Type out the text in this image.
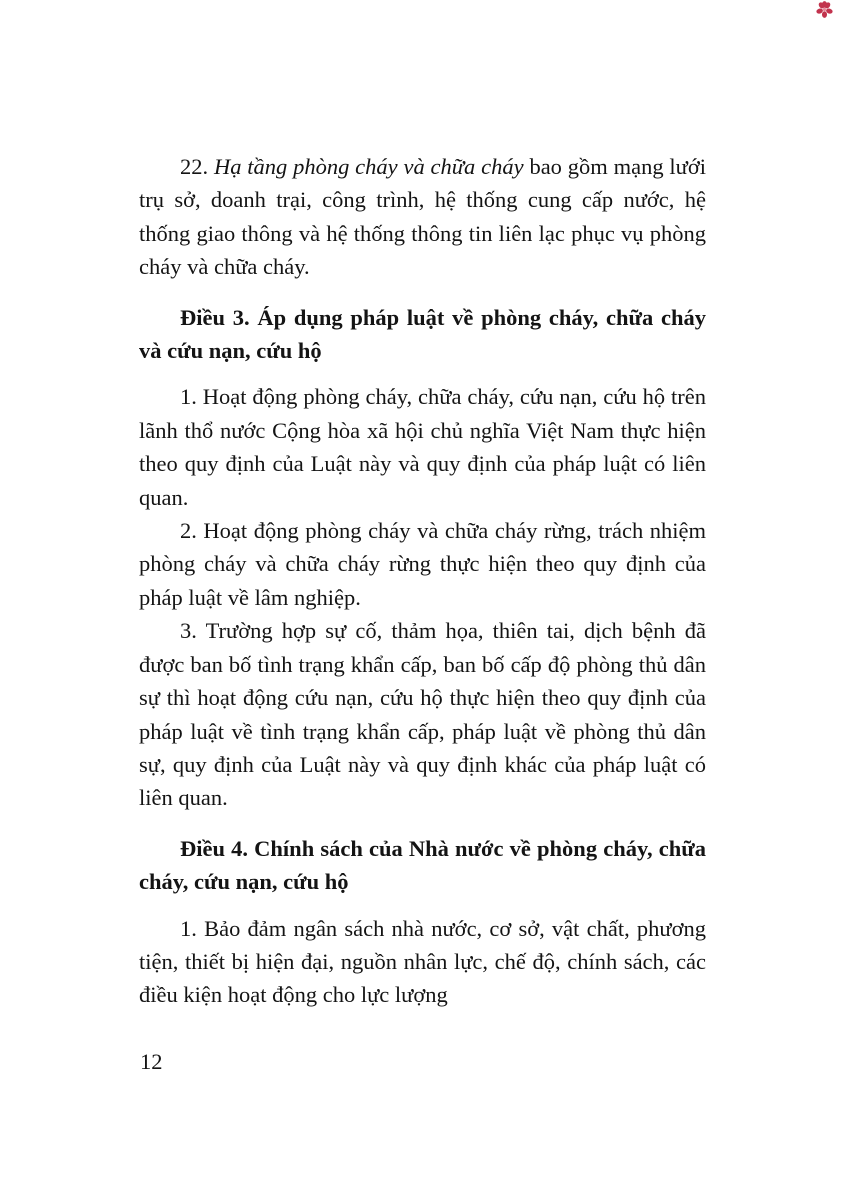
22. Hạ tầng phòng cháy và chữa cháy bao gồm mạng lưới trụ sở, doanh trại, công trình, hệ thống cung cấp nước, hệ thống giao thông và hệ thống thông tin liên lạc phục vụ phòng cháy và chữa cháy.

Điều 3. Áp dụng pháp luật về phòng cháy, chữa cháy và cứu nạn, cứu hộ

1. Hoạt động phòng cháy, chữa cháy, cứu nạn, cứu hộ trên lãnh thổ nước Cộng hòa xã hội chủ nghĩa Việt Nam thực hiện theo quy định của Luật này và quy định của pháp luật có liên quan.

2. Hoạt động phòng cháy và chữa cháy rừng, trách nhiệm phòng cháy và chữa cháy rừng thực hiện theo quy định của pháp luật về lâm nghiệp.

3. Trường hợp sự cố, thảm họa, thiên tai, dịch bệnh đã được ban bố tình trạng khẩn cấp, ban bố cấp độ phòng thủ dân sự thì hoạt động cứu nạn, cứu hộ thực hiện theo quy định của pháp luật về tình trạng khẩn cấp, pháp luật về phòng thủ dân sự, quy định của Luật này và quy định khác của pháp luật có liên quan.

Điều 4. Chính sách của Nhà nước về phòng cháy, chữa cháy, cứu nạn, cứu hộ

1. Bảo đảm ngân sách nhà nước, cơ sở, vật chất, phương tiện, thiết bị hiện đại, nguồn nhân lực, chế độ, chính sách, các điều kiện hoạt động cho lực lượng

12
